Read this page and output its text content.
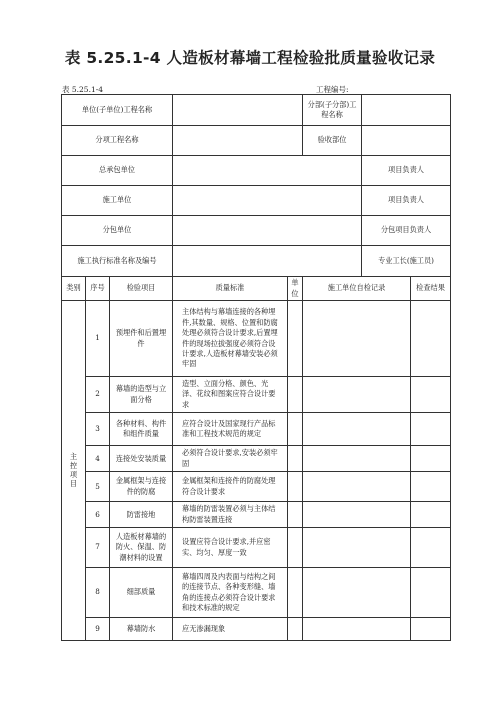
表 5.25.1-4 人造板材幕墙工程检验批质量验收记录
表 5.25.1-4	工程编号:
单位(子单位)工程名称					分部(子分部)工程名称		
分项工程名称					验收部位		
总承包单位						项目负责人	
施工单位						项目负责人	
分包单位						分包项目负责人	
施工执行标准名称及编号						专业工长(施工员)	
类别	序号	检验项目	质量标准	单位	施工单位自检记录		检查结果
主控项目	1	预埋件和后置埋件	主体结构与幕墙连接的各种埋件,其数量、规格、位置和防腐处理必须符合设计要求,后置埋件的现场拉拔强度必须符合设计要求,人造板材幕墙安装必须牢固				
	2	幕墙的造型与立面分格	造型、立面分格、颜色、光泽、花纹和图案应符合设计要求				
	3	各种材料、构件和组件质量	应符合设计及国家现行产品标准和工程技术规范的规定				
	4	连接处安装质量	必须符合设计要求,安装必须牢固				
	5	金属框架与连接件的防腐	金属框架和连接件的防腐处理符合设计要求				
	6	防雷接地	幕墙的防雷装置必须与主体结构防雷装置连接				
	7	人造板材幕墙的防火、保温、防潮材料的设置	设置应符合设计要求,并应密实、均匀、厚度一致				
	8	细部质量	幕墙四周及内表面与结构之间的连接节点、各种变形缝、墙角的连接点必须符合设计要求和技术标准的规定				
	9	幕墙防水	应无渗漏现象				
